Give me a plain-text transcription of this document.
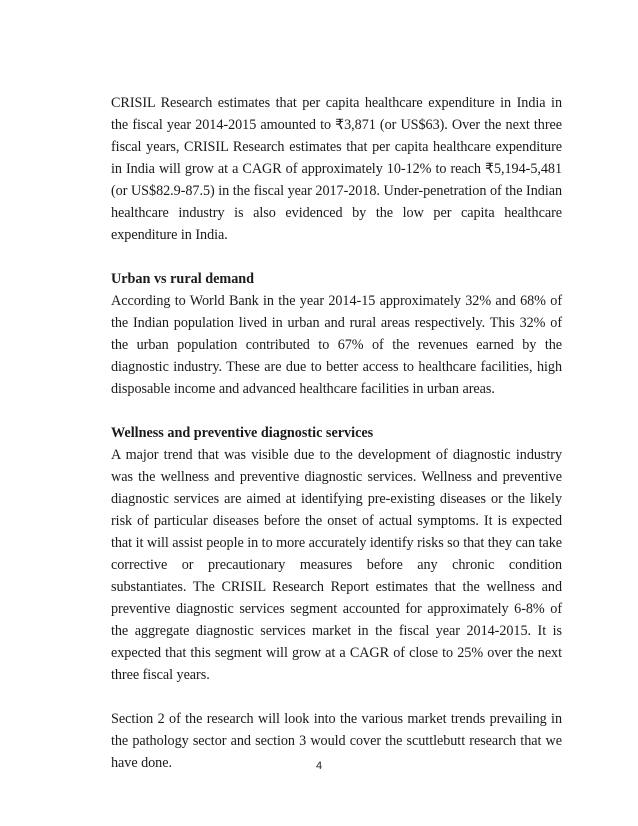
CRISIL Research estimates that per capita healthcare expenditure in India in the fiscal year 2014-2015 amounted to ₹3,871 (or US$63). Over the next three fiscal years, CRISIL Research estimates that per capita healthcare expenditure in India will grow at a CAGR of approximately 10-12% to reach ₹5,194-5,481 (or US$82.9-87.5) in the fiscal year 2017-2018. Under-penetration of the Indian healthcare industry is also evidenced by the low per capita healthcare expenditure in India.

Urban vs rural demand

According to World Bank in the year 2014-15 approximately 32% and 68% of the Indian population lived in urban and rural areas respectively. This 32% of the urban population contributed to 67% of the revenues earned by the diagnostic industry. These are due to better access to healthcare facilities, high disposable income and advanced healthcare facilities in urban areas.

Wellness and preventive diagnostic services

A major trend that was visible due to the development of diagnostic industry was the wellness and preventive diagnostic services. Wellness and preventive diagnostic services are aimed at identifying pre-existing diseases or the likely risk of particular diseases before the onset of actual symptoms. It is expected that it will assist people in to more accurately identify risks so that they can take corrective or precautionary measures before any chronic condition substantiates. The CRISIL Research Report estimates that the wellness and preventive diagnostic services segment accounted for approximately 6-8% of the aggregate diagnostic services market in the fiscal year 2014-2015. It is expected that this segment will grow at a CAGR of close to 25% over the next three fiscal years.

Section 2 of the research will look into the various market trends prevailing in the pathology sector and section 3 would cover the scuttlebutt research that we have done.	4
